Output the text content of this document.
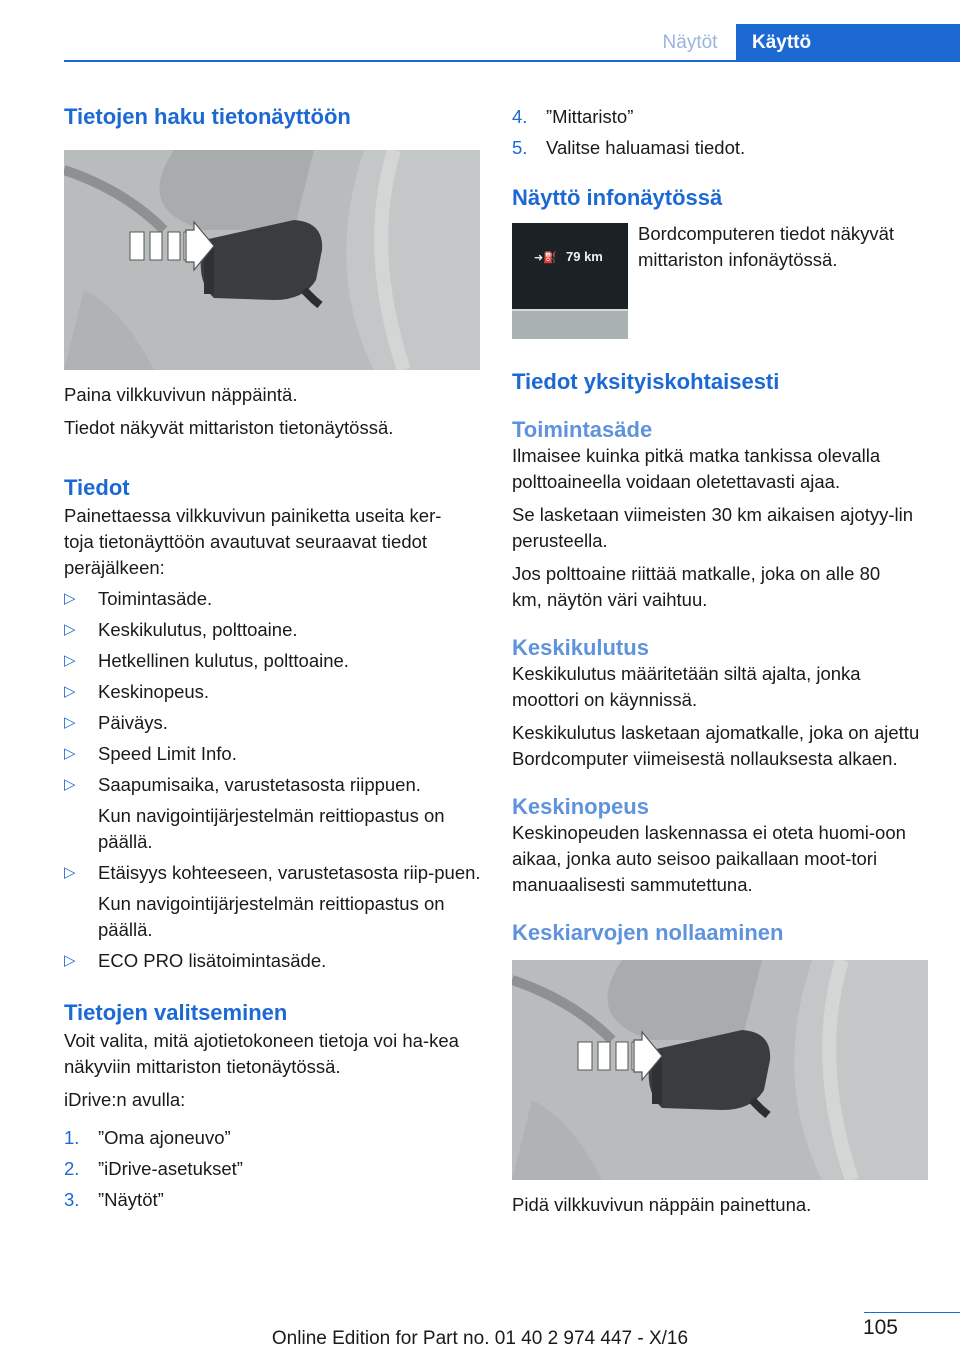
Näytöt	Käyttö
Tietojen haku tietonäyttöön

Paina vilkkuvivun näppäintä.

Tiedot näkyvät mittariston tietonäytössä.

Tiedot

Painettaessa vilkkuvivun painiketta useita ker‐toja tietonäyttöön avautuvat seuraavat tiedot peräjälkeen:

▷ Toimintasäde.
▷ Keskikulutus, polttoaine.
▷ Hetkellinen kulutus, polttoaine.
▷ Keskinopeus.
▷ Päiväys.
▷ Speed Limit Info.
▷ Saapumisaika, varustetasosta riippuen.
Kun navigointijärjestelmän reittiopastus on päällä.
▷ Etäisyys kohteeseen, varustetasosta riip‐puen.
Kun navigointijärjestelmän reittiopastus on päällä.
▷ ECO PRO lisätoimintasäde.
Tietojen valitseminen

Voit valita, mitä ajotietokoneen tietoja voi ha‐kea näkyviin mittariston tietonäytössä.

iDrive:n avulla:

1. ”Oma ajoneuvo”
2. ”iDrive-asetukset”
3. ”Näytöt”
4. ”Mittaristo”
5. Valitse haluamasi tiedot.
Näyttö infonäytössä
➜⛽ 79 km

Bordcomputeren tiedot näkyvät mittariston infonäytössä.

Tiedot yksityiskohtaisesti
Toimintasäde

Ilmaisee kuinka pitkä matka tankissa olevalla polttoaineella voidaan oletettavasti ajaa.

Se lasketaan viimeisten 30 km aikaisen ajotyy‐lin perusteella.

Jos polttoaine riittää matkalle, joka on alle 80 km, näytön väri vaihtuu.

Keskikulutus

Keskikulutus määritetään siltä ajalta, jonka moottori on käynnissä.

Keskikulutus lasketaan ajomatkalle, joka on ajettu Bordcomputer viimeisestä nollauksesta alkaen.

Keskinopeus

Keskinopeuden laskennassa ei oteta huomi‐oon aikaa, jonka auto seisoo paikallaan moot‐tori manuaalisesti sammutettuna.

Keskiarvojen nollaaminen

Pidä vilkkuvivun näppäin painettuna.

105
Online Edition for Part no. 01 40 2 974 447 - X/16
